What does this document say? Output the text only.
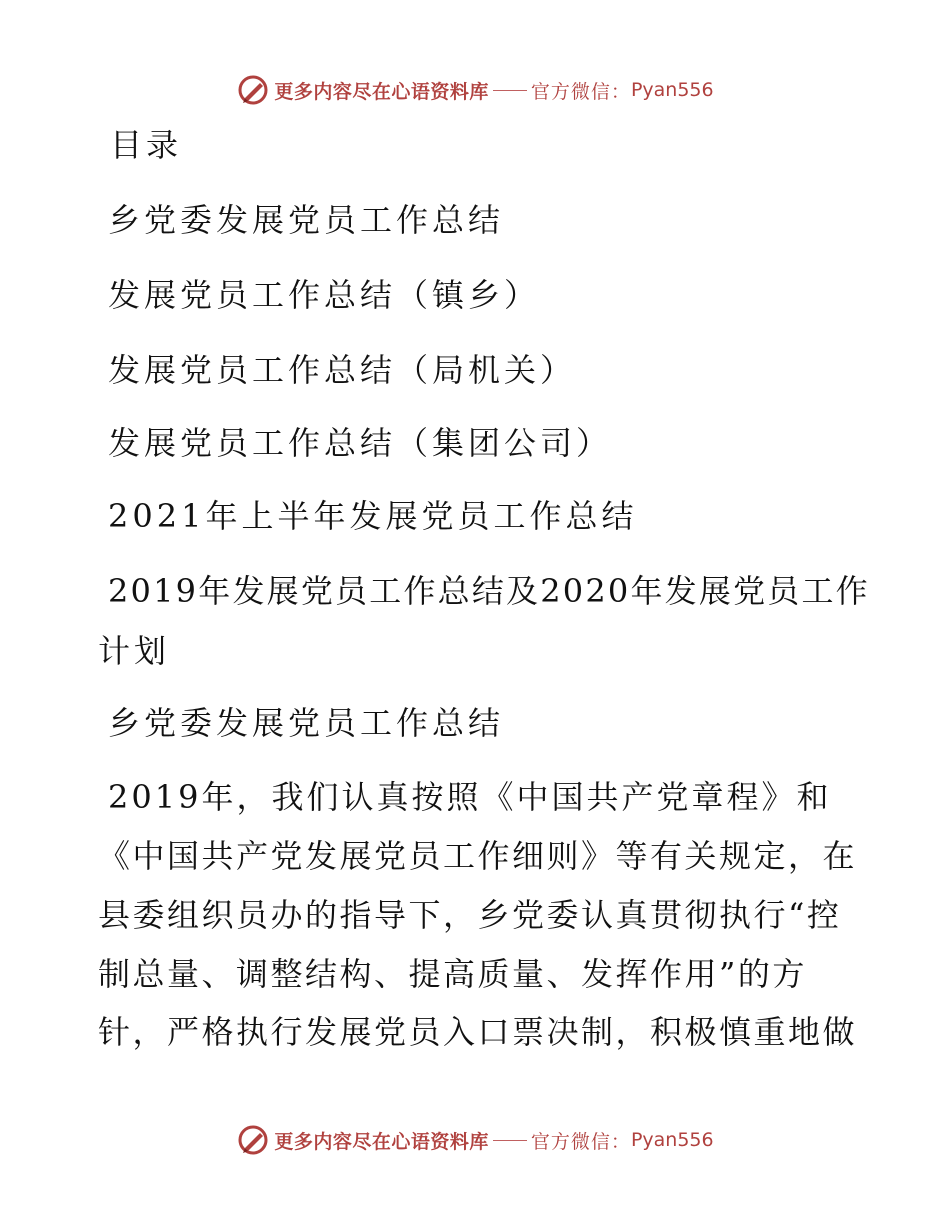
更多内容尽在心语资料库 官方微信： Pyan556
目录
乡党委发展党员工作总结
发展党员工作总结（镇乡）
发展党员工作总结（局机关）
发展党员工作总结（集团公司）
2021年上半年发展党员工作总结
2019年发展党员工作总结及2020年发展党员工作
计划
乡党委发展党员工作总结
2019年，我们认真按照《中国共产党章程》和
《中国共产党发展党员工作细则》等有关规定，在
县委组织员办的指导下，乡党委认真贯彻执行“控
制总量、调整结构、提高质量、发挥作用”的方
针，严格执行发展党员入口票决制，积极慎重地做
更多内容尽在心语资料库 官方微信： Pyan556
